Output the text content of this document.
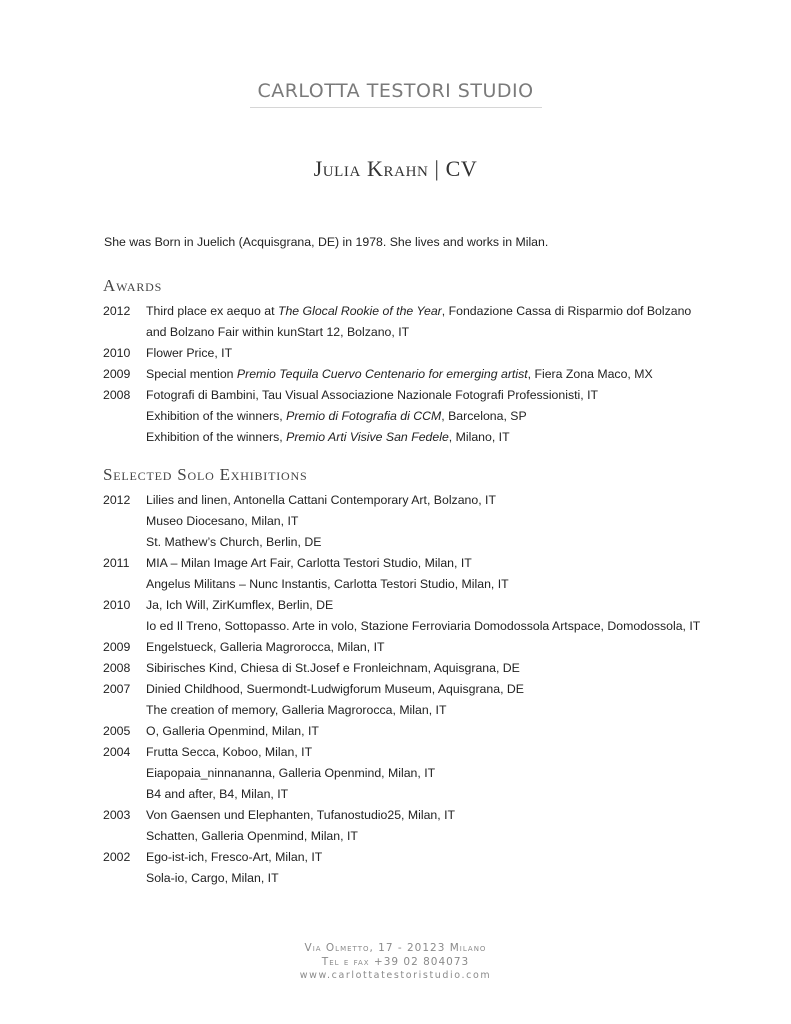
CARLOTTA TESTORI STUDIO
Julia Krahn | CV
She was Born in Juelich (Acquisgrana, DE) in 1978. She lives and works in Milan.
Awards
2012	Third place ex aequo at The Glocal Rookie of the Year, Fondazione Cassa di Risparmio dof Bolzano
and Bolzano Fair within kunStart 12, Bolzano, IT
2010	Flower Price, IT
2009	Special mention Premio Tequila Cuervo Centenario for emerging artist, Fiera Zona Maco, MX
2008	Fotografi di Bambini, Tau Visual Associazione Nazionale Fotografi Professionisti, IT
Exhibition of the winners, Premio di Fotografia di CCM, Barcelona, SP
Exhibition of the winners, Premio Arti Visive San Fedele, Milano, IT
Selected Solo Exhibitions
2012	Lilies and linen, Antonella Cattani Contemporary Art, Bolzano, IT
Museo Diocesano, Milan, IT
St. Mathew’s Church, Berlin, DE
2011	MIA – Milan Image Art Fair, Carlotta Testori Studio, Milan, IT
Angelus Militans – Nunc Instantis, Carlotta Testori Studio, Milan, IT
2010	Ja, Ich Will, ZirKumflex, Berlin, DE
Io ed Il Treno, Sottopasso. Arte in volo, Stazione Ferroviaria Domodossola Artspace, Domodossola, IT
2009	Engelstueck, Galleria Magrorocca, Milan, IT
2008	Sibirisches Kind, Chiesa di St.Josef e Fronleichnam, Aquisgrana, DE
2007	Dinied Childhood, Suermondt-Ludwigforum Museum, Aquisgrana, DE
The creation of memory, Galleria Magrorocca, Milan, IT
2005	O, Galleria Openmind, Milan, IT
2004	Frutta Secca, Koboo, Milan, IT
Eiapopaia_ninnananna, Galleria Openmind, Milan, IT
B4 and after, B4, Milan, IT
2003	Von Gaensen und Elephanten, Tufanostudio25, Milan, IT
Schatten, Galleria Openmind, Milan, IT
2002	Ego-ist-ich, Fresco-Art, Milan, IT
Sola-io, Cargo, Milan, IT
Via Olmetto, 17 - 20123 Milano
Tel e fax +39 02 804073
www.carlottatestoristudio.com
